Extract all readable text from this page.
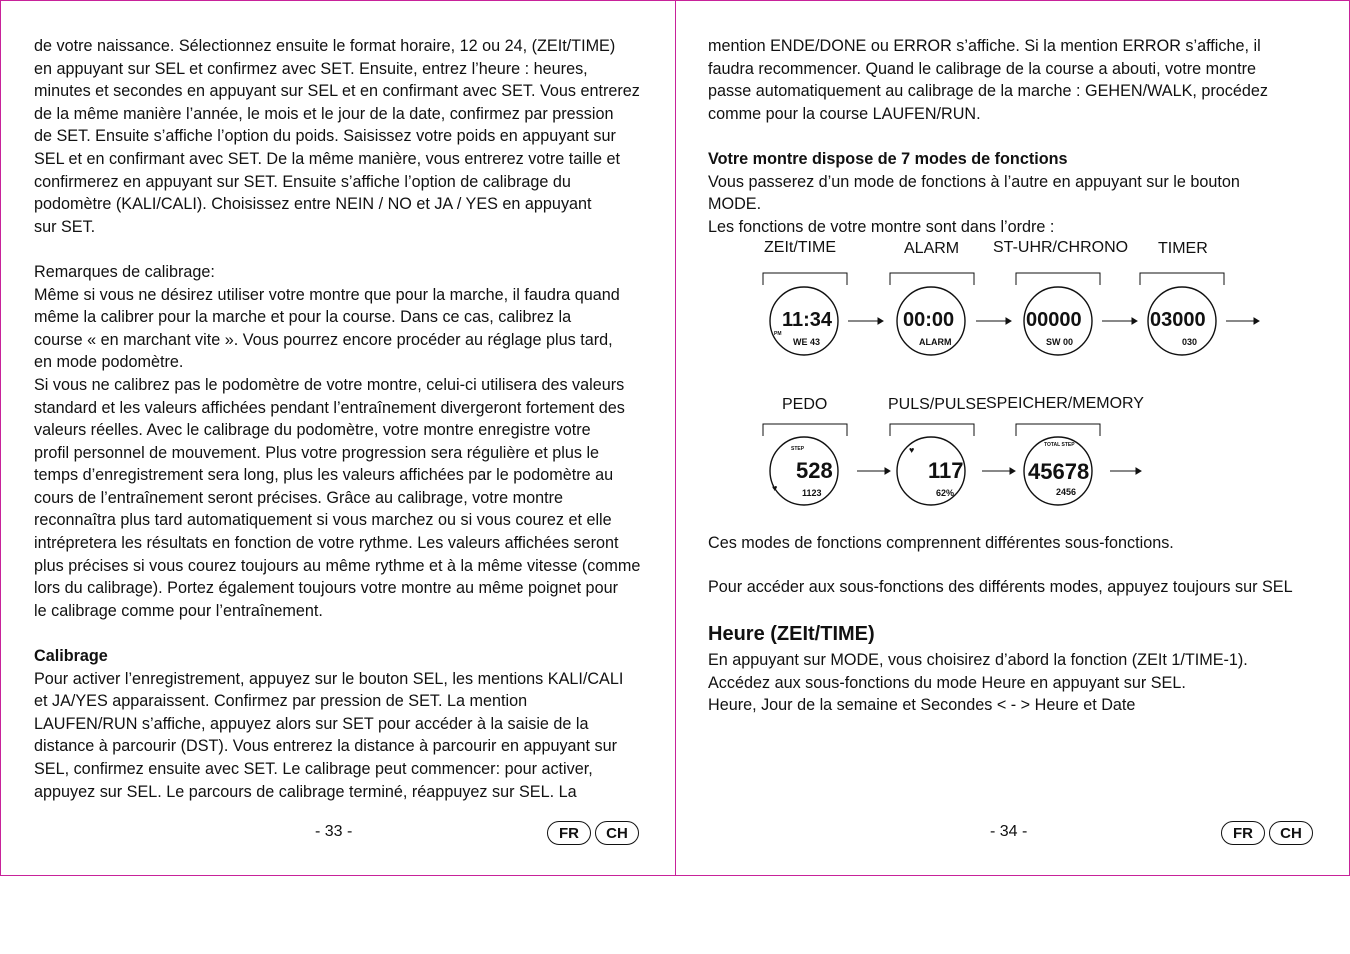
de votre naissance. Sélectionnez ensuite le format horaire, 12 ou 24, (ZEIt/TIME)
en appuyant sur SEL et confirmez avec SET. Ensuite, entrez l’heure : heures,
minutes et secondes en appuyant sur SEL et en confirmant avec SET. Vous entrerez
de la même manière l’année, le mois et le jour de la date, confirmez par pression
de SET. Ensuite s’affiche l’option du poids. Saisissez votre poids en appuyant sur
SEL et en confirmant avec SET. De la même manière, vous entrerez votre taille et
confirmerez en appuyant sur SET. Ensuite s’affiche l’option de calibrage du
podomètre (KALI/CALI). Choisissez entre NEIN / NO et JA / YES en appuyant
sur SET.
Remarques de calibrage:
Même si vous ne désirez utiliser votre montre que pour la marche, il faudra quand
même la calibrer pour la marche et pour la course. Dans ce cas, calibrez la
course « en marchant vite ». Vous pourrez encore procéder au réglage plus tard,
en mode podomètre.
Si vous ne calibrez pas le podomètre de votre montre, celui-ci utilisera des valeurs
standard et les valeurs affichées pendant l’entraînement divergeront fortement des
valeurs réelles. Avec le calibrage du podomètre, votre montre enregistre votre
profil personnel de mouvement. Plus votre progression sera régulière et plus le
temps d’enregistrement sera long, plus les valeurs affichées par le podomètre au
cours de l’entraînement seront précises. Grâce au calibrage, votre montre
reconnaîtra plus tard automatiquement si vous marchez ou si vous courez et elle
intrépretera les résultats en fonction de votre rythme. Les valeurs affichées seront
plus précises si vous courez toujours au même rythme et à la même vitesse (comme
lors du calibrage). Portez également toujours votre montre au même poignet pour
le calibrage comme pour l’entraînement.
Calibrage
Pour activer l’enregistrement, appuyez sur le bouton SEL, les mentions KALI/CALI
et JA/YES apparaissent. Confirmez par pression de SET. La mention
LAUFEN/RUN s’affiche, appuyez alors sur SET pour accéder à la saisie de la
distance à parcourir (DST). Vous entrerez la distance à parcourir en appuyant sur
SEL, confirmez ensuite avec SET. Le calibrage peut commencer: pour activer,
appuyez sur SEL. Le parcours de calibrage terminé, réappuyez sur SEL. La
- 33 -	FR	CH
mention ENDE/DONE ou ERROR s’affiche. Si la mention ERROR s’affiche, il
faudra recommencer. Quand le calibrage de la course a abouti, votre montre
passe automatiquement au calibrage de la marche : GEHEN/WALK, procédez
comme pour la course LAUFEN/RUN.
Votre montre dispose de 7 modes de fonctions
Vous passerez d’un mode de fonctions à l’autre en appuyant sur le bouton
MODE.
Les fonctions de votre montre sont dans l’ordre :
ZEIt/TIME	ALARM ST-UHR/CHRONO TIMER
PEDO	PULS/PULSE SPEICHER/MEMORY
11:34
WE 43
PM
00:00
ALARM
00000
SW 00
03000
030
528
1123
STEP
117
62%
45678
2456
TOTAL STEP
♥
♥
Ces modes de fonctions comprennent différentes sous-fonctions.
Pour accéder aux sous-fonctions des différents modes, appuyez toujours sur SEL
Heure (ZEIt/TIME)
En appuyant sur MODE, vous choisirez d’abord la fonction (ZEIt 1/TIME-1).
Accédez aux sous-fonctions du mode Heure en appuyant sur SEL.
Heure, Jour de la semaine et Secondes < - > Heure et Date
- 34 -	FR	CH
